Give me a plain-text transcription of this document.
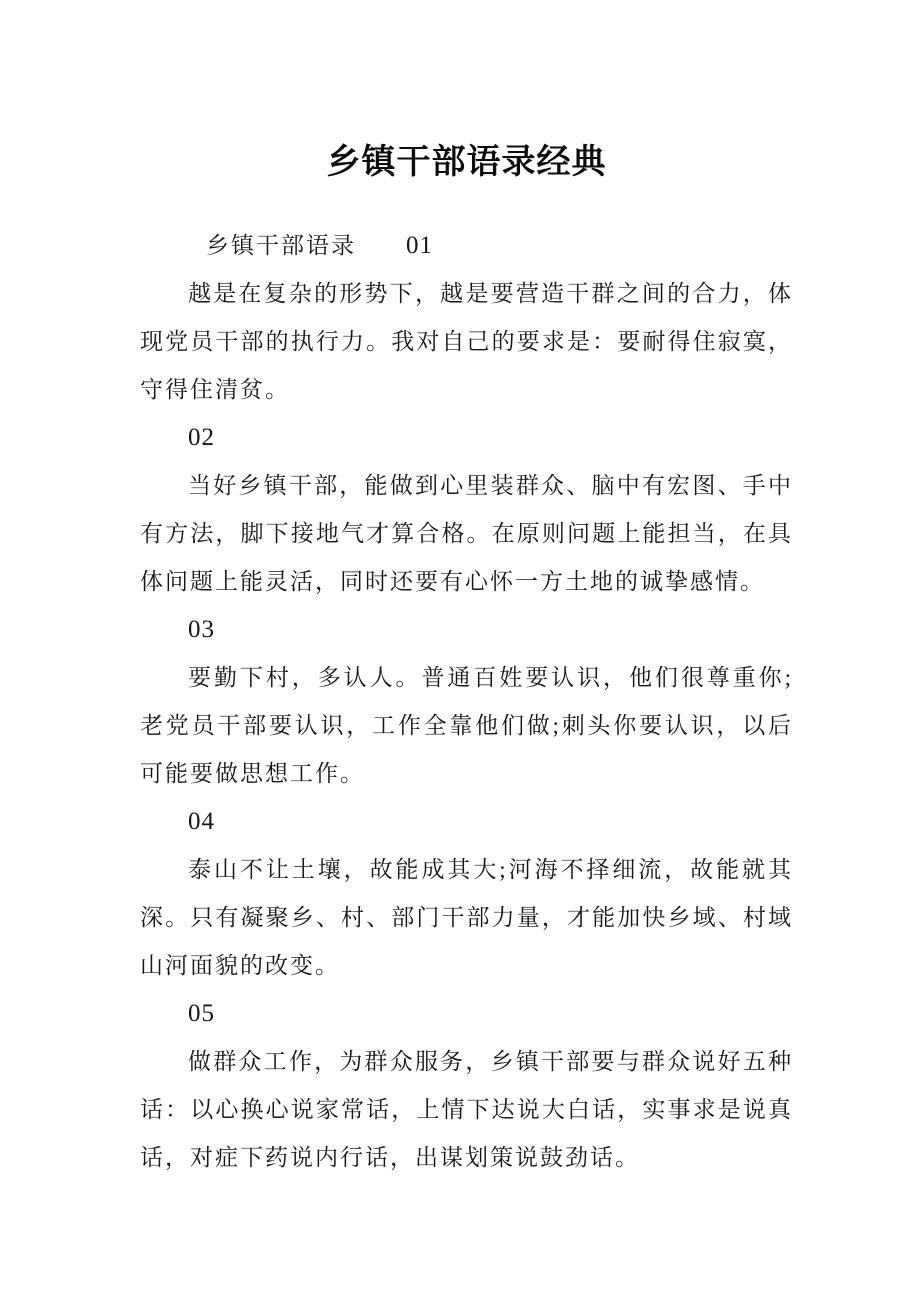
乡镇干部语录经典

乡镇干部语录 01

越是在复杂的形势下，越是要营造干群之间的合力，体现党员干部的执行力。我对自己的要求是：要耐得住寂寞，守得住清贫。

02

当好乡镇干部，能做到心里装群众、脑中有宏图、手中有方法，脚下接地气才算合格。在原则问题上能担当，在具体问题上能灵活，同时还要有心怀一方土地的诚挚感情。

03

要勤下村，多认人。普通百姓要认识，他们很尊重你;老党员干部要认识，工作全靠他们做;刺头你要认识，以后可能要做思想工作。

04

泰山不让土壤，故能成其大;河海不择细流，故能就其深。只有凝聚乡、村、部门干部力量，才能加快乡域、村域山河面貌的改变。

05

做群众工作，为群众服务，乡镇干部要与群众说好五种话：以心换心说家常话，上情下达说大白话，实事求是说真话，对症下药说内行话，出谋划策说鼓劲话。
